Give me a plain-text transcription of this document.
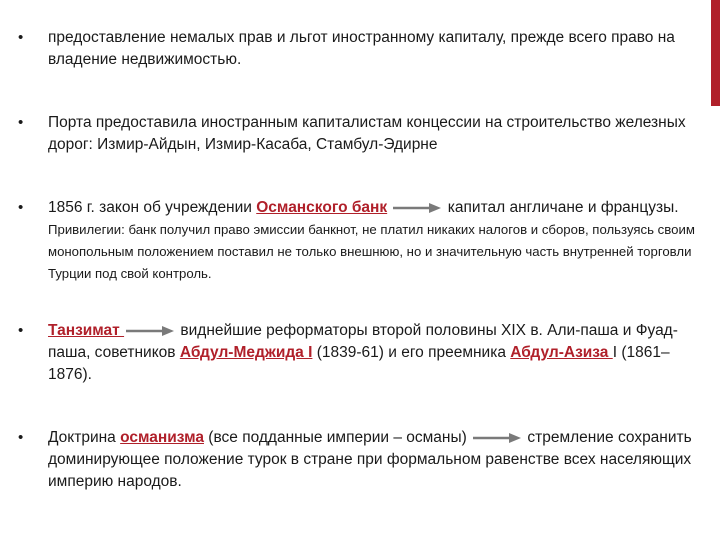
• предоставление немалых прав и льгот иностранному капиталу, прежде всего право на владение недвижимостью.
• Порта предоставила иностранным капиталистам концессии на строительство железных дорог: Измир-Айдын, Измир-Касаба, Стамбул-Эдирне
• 1856 г. закон об учреждении Османского банк	капитал англичане и французы. Привилегии: банк получил право эмиссии банкнот, не платил никаких налогов и сборов, пользуясь своим монопольным положением поставил не только внешнюю, но и значительную часть внутренней торговли Турции под свой контроль.
• Танзимат	виднейшие реформаторы второй половины XIX в. Али-паша и Фуад-паша, советников Абдул-Меджида I (1839-61) и его преемника Абдул-Азиза I (1861–1876).
• Доктрина османизма (все подданные империи – османы)	стремление сохранить доминирующее положение турок в стране при формальном равенстве всех населяющих империю народов.
